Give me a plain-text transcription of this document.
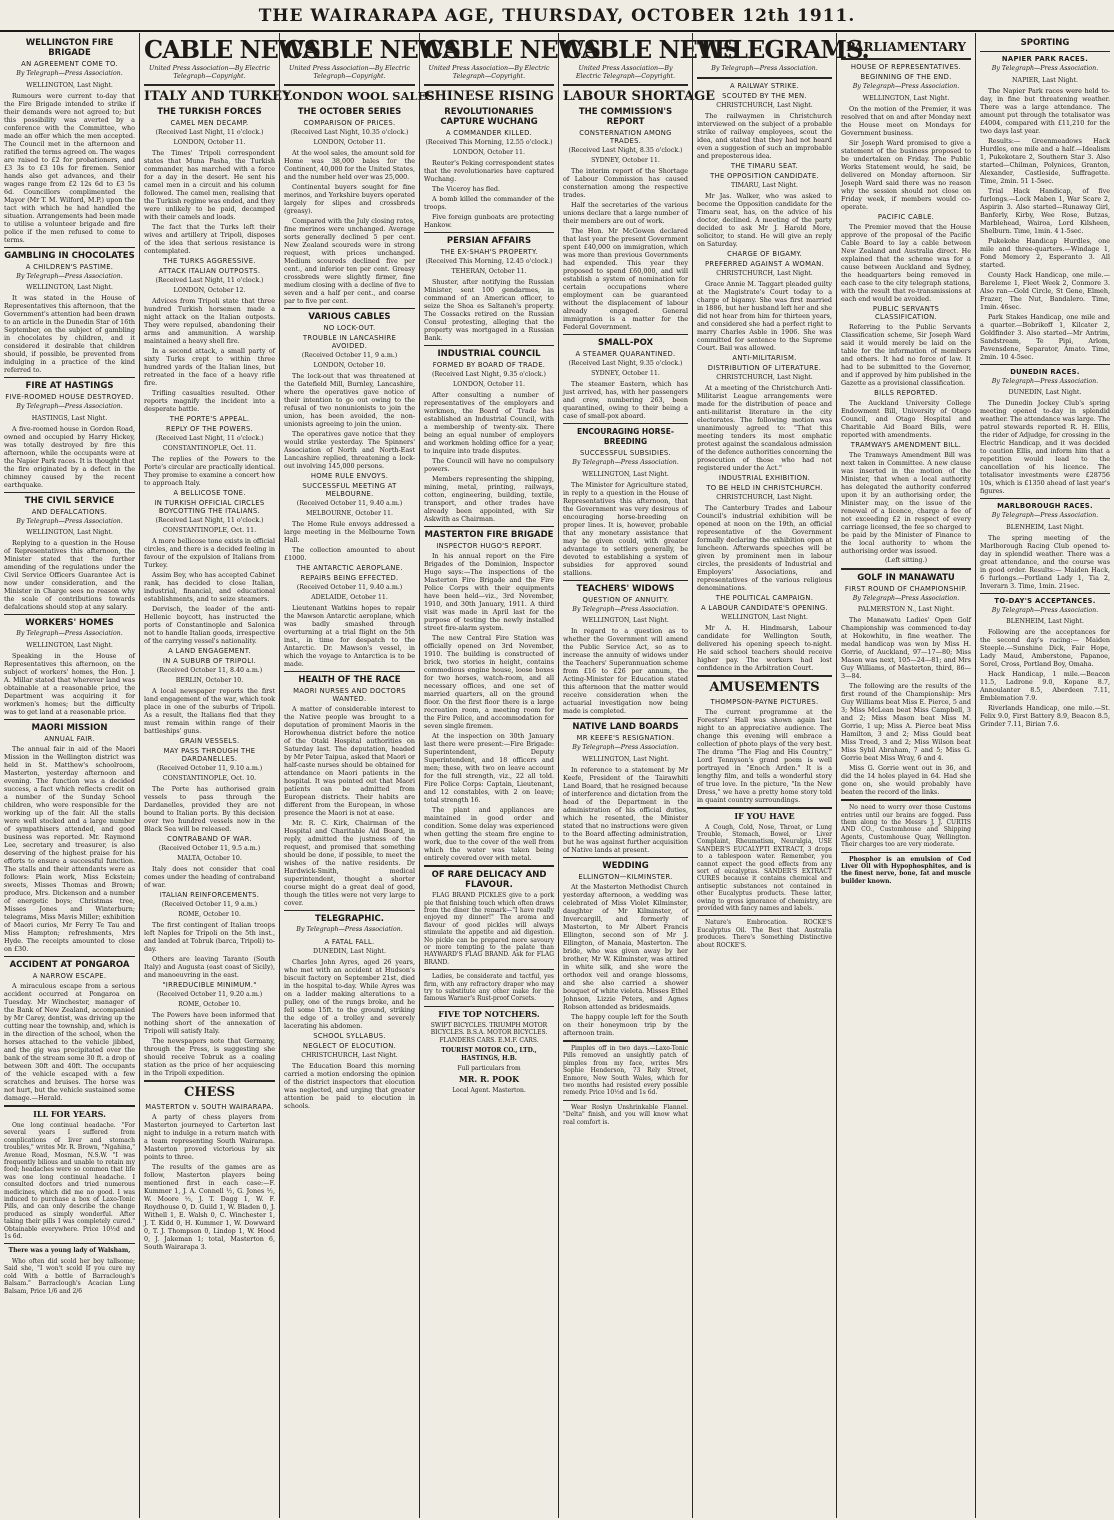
THE WAIRARAPA AGE, THURSDAY, OCTOBER 12th 1911.
WELLINGTON FIRE BRIGADE
AN AGREEMENT COME TO.
By Telegraph—Press Association.
WELLINGTON, Last Night.

Rumours were current to-day that the Fire Brigade intended to strike if their demands were not agreed to; but this possibility was averted by a conference with the Committee, who made an offer which the men accepted. The Council met in the afternoon and ratified the terms agreed on. The wages are raised to £2 for probationers, and £3 3s to £3 10s for firemen. Senior hands also get advances, and their wages range from £2 12s 6d to £3 5s 6d. Councillors complimented the Mayor (Mr T. M. Wilford, M.P.) upon the tact with which he had handled the situation. Arrangements had been made to utilise a volunteer brigade and fire police if the men refused to come to terms.

GAMBLING IN CHOCOLATES
A CHILDREN'S PASTIME.
By Telegraph—Press Association.
WELLINGTON, Last Night.

It was stated in the House of Representatives this afternoon, that the Government's attention had been drawn to an article in the Dunedin Star of 16th September, on the subject of gambling in chocolates by children, and it considered it desirable that children should, if possible, be prevented from indulging in a practice of the kind referred to.

FIRE AT HASTINGS
FIVE-ROOMED HOUSE DESTROYED.
By Telegraph—Press Association.
HASTINGS, Last Night.

A five-roomed house in Gordon Road, owned and occupied by Harry Hickey, was totally destroyed by fire this afternoon, while the occupants were at the Napier Park races. It is thought that the fire originated by a defect in the chimney caused by the recent earthquake.

THE CIVIL SERVICE
AND DEFALCATIONS.
By Telegraph—Press Association.
WELLINGTON, Last Night.

Replying to a question in the House of Representatives this afternoon, the Minister stated that the further amending of the regulations under the Civil Service Officers Guarantee Act is now under consideration, and the Minister in Charge sees no reason why the scale of contributions towards defalcations should stop at any salary.

WORKERS' HOMES
By Telegraph—Press Association.
WELLINGTON, Last Night.

Speaking in the House of Representatives this afternoon, on the subject of workers' homes, the Hon. J. A. Millar stated that wherever land was obtainable at a reasonable price, the Department was acquiring it for workmen's homes; but the difficulty was to get land at a reasonable price.

MAORI MISSION
ANNUAL FAIR.

The annual fair in aid of the Maori Mission in the Wellington district was held in St. Matthew's schoolroom, Masterton, yesterday afternoon and evening. The function was a decided success, a fact which reflects credit on a number of the Sunday School children, who were responsible for the working up of the fair. All the stalls were well stocked and a large number of sympathisers attended, and good business was reported. Mr. Raymond Lee, secretary and treasurer, is also deserving of the highest praise for his efforts to ensure a successful function. The stalls and their attendants were as follows: Plain work, Miss Eckstein; sweets, Misses Thomas and Brown; produce, Mrs. Dickenson and a number of energetic boys; Christmas tree, Misses Jones and Winterburn; telegrams, Miss Mavis Miller; exhibition of Maori curios, Mr Ferry Te Tau and Miss Hampton; refreshments, Mrs Hyde. The receipts amounted to close on £30.

ACCIDENT AT PONGAROA
A NARROW ESCAPE.

A miraculous escape from a serious accident occurred at Pongaroa on Tuesday. Mr Winchester, manager of the Bank of New Zealand, accompanied by Mr Carey, dentist, was driving up the cutting near the township, and, which is in the direction of the school, when the horses attached to the vehicle jibbed, and the gig was precipitated over the bank of the stream some 30 ft. a drop of between 30ft and 40ft. The occupants of the vehicle escaped with a few scratches and bruises. The horse was not hurt, but the vehicle sustained some damage.—Herald.

ILL FOR YEARS.

One long continual headache. "For several years I suffered from complications of liver and stomach troubles," writes Mr. R. Brown, "Ngahina," Avenue Road, Mosman, N.S.W. "I was frequently bilious and unable to retain my food; headaches were so common that life was one long continual headache. I consulted doctors and tried numerous medicines, which did me no good. I was induced to purchase a box of Laxo-Tonic Pills, and can only describe the change produced as simply wonderful. After taking their pills I was completely cured." Obtainable everywhere. Price 10½d and 1s 6d.

There was a young lady of Walsham,

Who often did scold her boy tallsome; Said she, "I won't scold If you cure my cold With a bottle of Barraclough's Balsam." Barraclough's Acacian Lung Balsam, Price 1/6 and 2/6

CABLE NEWS
United Press Association—By Electric Telegraph—Copyright.
ITALY AND TURKEY
THE TURKISH FORCES
CAMEL MEN DECAMP.
(Received Last Night, 11 o'clock.)
LONDON, October 11.

The Times' Tripoli correspondent states that Muna Pasha, the Turkish commander, has marched with a force for a day in the desert. He sent his camel men in a circuit and his column followed. The camel men, realising that the Turkish regime was ended, and they were unlikely to be paid, decamped with their camels and loads.

The fact that the Turks left their wives and artillery at Tripoli, disposes of the idea that serious resistance is contemplated.

THE TURKS AGGRESSIVE.
ATTACK ITALIAN OUTPOSTS.
(Received Last Night, 11 o'clock.)
LONDON, October 12.

Advices from Tripoli state that three hundred Turkish horsemen made a night attack on the Italian outposts. They were repulsed, abandoning their arms and ammunition. A warship maintained a heavy shell fire.

In a second attack, a small party of sixty Turks crept to within three hundred yards of the Italian lines, but retreated in the face of a heavy rifle fire.

Trifling casualties resulted. Other reports magnify the incident into a desperate battle.

THE PORTE'S APPEAL.
REPLY OF THE POWERS.
(Received Last Night, 11 o'clock.)
CONSTANTINOPLE, Oct. 11.

The replies of the Powers to the Porte's circular are practically identical. They promise to examine a concert how to approach Italy.

A BELLICOSE TONE.
IN TURKISH OFFICIAL CIRCLES BOYCOTTING THE ITALIANS.
(Received Last Night, 11 o'clock.)
CONSTANTINOPLE, Oct. 11.

A more bellicose tone exists in official circles, and there is a decided feeling in favour of the expulsion of Italians from Turkey.

Assim Bey, who has accepted Cabinet rank, has decided to close Italian, industrial, financial, and educational establishments, and to seize steamers.

Dervisch, the leader of the anti-Hellenic boycott, has instructed the ports of Constantinople and Salonica not to handle Italian goods, irrespective of the carrying vessel's nationality.

A LAND ENGAGEMENT.
IN A SUBURB OF TRIPOLI.
(Received October 11, 8.40 a.m.)
BERLIN, October 10.

A local newspaper reports the first land engagement of the war, which took place in one of the suburbs of Tripoli. As a result, the Italians fled that they must remain within range of their battleships' guns.

GRAIN VESSELS.
MAY PASS THROUGH THE DARDANELLES.
(Received October 11, 9.10 a.m.)
CONSTANTINOPLE, Oct. 10.

The Porte has authorised grain vessels to pass through the Dardanelles, provided they are not bound to Italian ports. By this decision over two hundred vessels now in the Black Sea will be released.

CONTRABAND OF WAR.
(Received October 11, 9.5 a.m.)
MALTA, October 10.

Italy does not consider that coal comes under the heading of contraband of war.

ITALIAN REINFORCEMENTS.
(Received October 11, 9 a.m.)
ROME, October 10.

The first contingent of Italian troops left Naples for Tripoli on the 5th inst., and landed at Tobruk (barca, Tripoli) to-day.

Others are leaving Taranto (South Italy) and Augusta (east coast of Sicily), and manoeuvring in the east.

"IRREDUCIBLE MINIMUM."
(Received October 11, 9.20 a.m.)
ROME, October 10.

The Powers have been informed that nothing short of the annexation of Tripoli will satisfy Italy.

The newspapers note that Germany, through the Press, is suggesting she should receive Tobruk as a coaling station as the price of her acquiescing in the Tripoli expedition.

CHESS
MASTERTON v. SOUTH WAIRARAPA.

A party of chess players from Masterton journeyed to Carterton last night to indulge in a return match with a team representing South Wairarapa. Masterton proved victorious by six points to three.

The results of the games are as follow, Masterton players being mentioned first in each case:—F. Kummer 1, J. A. Connell ½, G. Jones ½, W. Moore ½, J. T. Dagg 1, W. F. Roydhouse 0, D. Guild 1, W. Bladen 0, J. Withell 1, E. Walsh 0, C. Winchester 1, J. T. Kidd 0, H. Kummer 1, W. Dowward 0, T. J. Thompson 0, Lindop 1, W. Hood 0, J. Jakeman 1; total, Masterton 6, South Wairarapa 3.

CABLE NEWS
United Press Association—By Electric Telegraph—Copyright.
LONDON WOOL SALES
THE OCTOBER SERIES
COMPARISON OF PRICES.
(Received Last Night, 10.35 o'clock.)
LONDON, October 11.

At the wool sales, the amount sold for Home was 38,000 bales for the Continent, 40,000 for the United States, and the number held over was 25,000.

Continental buyers sought for fine merinos, and Yorkshire buyers operated largely for slipes and crossbreds (greasy).

Compared with the July closing rates, fine merinos were unchanged. Average sorts generally declined 5 per cent. New Zealand scoureds were in strong request, with prices unchanged. Medium scoureds declined five per cent., and inferior ten per cent. Greasy crossbreds were slightly firmer, fine medium closing with a decline of five to seven and a half per cent., and coarse par to five per cent.

VARIOUS CABLES
NO LOCK-OUT.
TROUBLE IN LANCASHIRE AVOIDED.
(Received October 11, 9 a.m.)
LONDON, October 10.

The lock-out that was threatened at the Gatefield Mill, Burnley, Lancashire, where the operatives gave notice of their intention to go out owing to the refusal of two nonunionists to join the union, has been avoided, the non-unionists agreeing to join the union.

The operatives gave notice that they would strike yesterday. The Spinners' Association of North and North-East Lancashire replied, threatening a lock-out involving 145,000 persons.

HOME RULE ENVOYS.
SUCCESSFUL MEETING AT MELBOURNE.
(Received October 11, 9.40 a.m.)
MELBOURNE, October 11.

The Home Rule envoys addressed a large meeting in the Melbourne Town Hall.

The collection amounted to about £1000.

THE ANTARCTIC AEROPLANE.
REPAIRS BEING EFFECTED.
(Received October 11, 9.40 a.m.)
ADELAIDE, October 11.

Lieutenant Watkins hopes to repair the Mawson Antarctic aeroplane, which was badly smashed through overturning at a trial flight on the 5th inst., in time for despatch to the Antarctic. Dr. Mawson's vessel, in which the voyage to Antarctica is to be made.

HEALTH OF THE RACE
MAORI NURSES AND DOCTORS WANTED.

A matter of considerable interest to the Native people was brought to a deputation of prominent Maoris in the Horowhenua district before the notice of the Otaki Hospital authorities on Saturday last. The deputation, headed by Mr Peter Taipua, asked that Maori or half-caste nurses should be obtained for attendance on Maori patients in the hospital. It was pointed out that Maori patients can be admitted from European districts. Their habits are different from the European, in whose presence the Maori is not at ease.

Mr. R. C. Kirk, Chairman of the Hospital and Charitable Aid Board, in reply, admitted the justness of the request, and promised that something should be done, if possible, to meet the wishes of the native residents. Dr Hardwick-Smith, medical superintendent, thought a shorter course might do a great deal of good, though the titles were not very large to cover.

TELEGRAPHIC.
By Telegraph—Press Association.
A FATAL FALL.
DUNEDIN, Last Night.

Charles John Ayres, aged 26 years, who met with an accident at Hudson's biscuit factory on September 21st, died in the hospital to-day. While Ayres was on a ladder making alterations to a pulley, one of the rungs broke, and he fell some 15ft. to the ground, striking the edge of a trolley and severely lacerating his abdomen.

SCHOOL SYLLABUS.
NEGLECT OF ELOCUTION.
CHRISTCHURCH, Last Night.

The Education Board this morning carried a motion endorsing the opinion of the district inspectors that elocution was neglected, and urging that greater attention be paid to elocution in schools.

CABLE NEWS
United Press Association—By Electric Telegraph—Copyright.
CHINESE RISING
REVOLUTIONARIES CAPTURE WUCHANG
A COMMANDER KILLED.
(Received This Morning, 12.55 o'clock.)
LONDON, October 11.

Reuter's Peking correspondent states that the revolutionaries have captured Wuchang.

The Viceroy has fled.

A bomb killed the commander of the troops.

Five foreign gunboats are protecting Hankow.

PERSIAN AFFAIRS
THE EX-SHAH'S PROPERTY.
(Received This Morning, 12.45 o'clock.)
TEHERAN, October 11.

Shuster, after notifying the Russian Minister, sent 100 gendarmes, in command of an American officer, to seize the Shoa es Saltaneh's property. The Cossacks retired on the Russian Consul protesting, alleging that the property was mortgaged in a Russian Bank.

INDUSTRIAL COUNCIL
FORMED BY BOARD OF TRADE.
(Received Last Night, 9.35 o'clock.)
LONDON, October 11.

After consulting a number of representatives of the employers and workmen, the Board of Trade has established an Industrial Council, with a membership of twenty-six. There being an equal number of employers and workmen holding office for a year, to inquire into trade disputes.

The Council will have no compulsory powers.

Members representing the shipping, mining, metal, printing, railways, cotton, engineering, building, textile, transport, and other trades have already been appointed, with Sir Askwith as Chairman.

MASTERTON FIRE BRIGADE
INSPECTOR HUGO'S REPORT.

In his annual report on the Fire Brigades of the Dominion, Inspector Hugo says:—The inspections of the Masterton Fire Brigade and the Fire Police Corps with their equipments have been held—viz., 3rd November, 1910, and 30th January, 1911. A third visit was made in April last for the purpose of testing the newly installed street fire-alarm system.

The new Central Fire Station was officially opened on 3rd November, 1910. The building is constructed of brick, two stories in height, contains commodious engine house, loose boxes for two horses, watch-room, and all necessary offices, and one set of married quarters, all on the ground floor. On the first floor there is a large recreation room, a meeting room for the Fire Police, and accommodation for seven single firemen.

At the inspection on 30th January last there were present:—Fire Brigade: Superintendent, Deputy Superintendent, and 18 officers and men; these, with two on leave account for the full strength, viz., 22 all told. Fire Police Corps: Captain, Lieutenant, and 12 constables, with 2 on leave; total strength 16.

The plant and appliances are maintained in good order and condition. Some delay was experienced when getting the steam fire engine to work, due to the cover of the well from which the water was taken being entirely covered over with metal.

OF RARE DELICACY AND FLAVOUR.

FLAG BRAND PICKLES give to a pork pie that finishing touch which often draws from the diner the remark—"I have really enjoyed my dinner!" The aroma and flavour of good pickles will always stimulate the appetite and aid digestion. No pickle can be prepared more savoury or more tempting to the palate than HAYWARD'S FLAG BRAND. Ask for FLAG BRAND.

Ladies, be considerate and tactful, yes firm, with any refractory draper who may try to substitute any other make for the famous Warner's Rust-proof Corsets.

FIVE TOP NOTCHERS.

SWIFT BICYCLES. TRIUMPH MOTOR BICYCLES. B.S.A. MOTOR BICYCLES. FLANDERS CARS. E.M.F. CARS.

TOURIST MOTOR CO., LTD., HASTINGS, H.B.
Full particulars from
MR. R. POOK
Local Agent. Masterton.
CABLE NEWS
United Press Association—By Electric Telegraph—Copyright.
LABOUR SHORTAGE
THE COMMISSION'S REPORT
CONSTERNATION AMONG TRADES.
(Received Last Night, 8.35 o'clock.)
SYDNEY, October 11.

The interim report of the Shortage of Labour Commission has caused consternation among the respective trades.

Half the secretaries of the various unions declare that a large number of their members are out of work.

The Hon. Mr McGowen declared that last year the present Government spent £40,000 on immigration, which was more than previous Governments had expended. This year they proposed to spend £60,000, and will establish a system of nomination for certain occupations where employment can be guaranteed without the displacement of labour already engaged. General immigration is a matter for the Federal Government.

SMALL-POX
A STEAMER QUARANTINED.
(Received Last Night, 9.35 o'clock.)
SYDNEY, October 11.

The steamer Eastern, which has just arrived, has, with her passengers and crew, numbering 263, been quarantined, owing to their being a case of small-pox aboard.

ENCOURAGING HORSE-BREEDING
SUCCESSFUL SUBSIDIES.
By Telegraph—Press Association.
WELLINGTON, Last Night.

The Minister for Agriculture stated, in reply to a question in the House of Representatives this afternoon, that the Government was very desirous of encouraging horse-breeding on proper lines. It is, however, probable that any monetary assistance that may be given could, with greater advantage to settlers generally, be devoted to establishing a system of subsidies for approved sound stallions.

TEACHERS' WIDOWS
QUESTION OF ANNUITY.
By Telegraph—Press Association.
WELLINGTON, Last Night.

In regard to a question as to whether the Government will amend the Public Service Act, so as to increase the annuity of widows under the Teachers' Superannuation scheme from £16 to £26 per annum, the Acting-Minister for Education stated this afternoon that the matter would receive consideration when the actuarial investigation now being made is completed.

NATIVE LAND BOARDS
MR KEEFE'S RESIGNATION.
By Telegraph—Press Association.
WELLINGTON, Last Night.

In reference to a statement by Mr Keefe, President of the Tairawhiti Land Board, that he resigned because of interference and dictation from the head of the Department in the administration of his official duties, which he resented, the Minister stated that no instructions were given to the Board affecting administration, but he was against further acquisition of Native lands at present.

WEDDING
ELLINGTON—KILMINSTER.

At the Masterton Methodist Church yesterday afternoon, a wedding was celebrated of Miss Violet Kilminster, daughter of Mr Kilminster, of Invercargill, and formerly of Masterton, to Mr Albert Francis Ellington, second son of Mr J. Ellington, of Manaia, Masterton. The bride, who was given away by her brother, Mr W. Kilminster, was attired in white silk, and she wore the orthodox veil and orange blossoms, and she also carried a shower bouquet of white vieleta. Misses Ethel Johnson, Lizzie Peters, and Agnes Robson attended as bridesmaids.

The happy couple left for the South on their honeymoon trip by the afternoon train.

Pimples off in two days.—Laxo-Tonic Pills removed an unsightly patch of pimples from my face, writes Mrs Sophie Henderson, 73 Rely Street, Enmore, New South Wales, which for two months had resisted every possible remedy. Price 10½d and 1s 6d.

Wear Roslyn Unshrinkable Flannel. "Delta" finish, and you will know what real comfort is.

TELEGRAMS.
By Telegraph—Press Association.
A RAILWAY STRIKE.
SCOUTED BY THE MEN.
CHRISTCHURCH, Last Night.

The railwaymen in Christchurch interviewed on the subject of a probable strike of railway employees, scout the idea, and stated that they had not heard even a suggestion of such an improbable and preposterous idea.

THE TIMARU SEAT.
THE OPPOSITION CANDIDATE.
TIMARU, Last Night.

Mr Jas. Walker, who was asked to become the Opposition candidate for the Timaru seat, has, on the advice of his doctor, declined. A meeting of the party decided to ask Mr J. Harold More, solicitor, to stand. He will give an reply on Saturday.

CHARGE OF BIGAMY.
PREFERRED AGAINST A WOMAN.
CHRISTCHURCH, Last Night.

Grace Annie M. Taggart pleaded guilty at the Magistrate's Court today to a charge of bigamy. She was first married in 1886, but her husband left her and she did not hear from him for thirteen years, and considered she had a perfect right to marry Charles Asble in 1906. She was committed for sentence to the Supreme Court. Bail was allowed.

ANTI-MILITARISM.
DISTRIBUTION OF LITERATURE.
CHRISTCHURCH, Last Night.

At a meeting of the Christchurch Anti-Militarist League arrangements were made for the distribution of peace and anti-militarist literature in the city electorates. The following motion was unanimously agreed to: "That this meeting tenders its most emphatic protest against the scandalous admission of the defence authorities concerning the prosecution of those who had not registered under the Act."

INDUSTRIAL EXHIBITION.
TO BE HELD IN CHRISTCHURCH.
CHRISTCHURCH, Last Night.

The Canterbury Trades and Labour Council's industrial exhibition will be opened at noon on the 19th, an official representative of the Government formally declaring the exhibition open at luncheon. Afterwards speeches will be given by prominent men in labour circles, the presidents of Industrial and Employers' Associations, and representatives of the various religious denominations.

THE POLITICAL CAMPAIGN.
A LABOUR CANDIDATE'S OPENING.
WELLINGTON, Last Night.

Mr A. H. Hindmarsh, Labour candidate for Wellington South, delivered his opening speech to-night. He said school teachers should receive higher pay. The workers had lost confidence in the Arbitration Court.

AMUSEMENTS
THOMPSON-PAYNE PICTURES.

The current programme at the Foresters' Hall was shown again last night to an appreciative audience. The change this evening will embrace a collection of photo plays of the very best. The drama "The Flag and His Country," Lord Tennyson's grand poem is well portrayed in "Enoch Arden." It is a lengthy film, and tells a wonderful story of true love. In the picture, "In the New Dress," we have a pretty home story told in quaint country surroundings.

IF YOU HAVE

A Cough, Cold, Nose, Throat, or Lung Trouble, Stomach, Bowel, or Liver Complaint, Rheumatism, Neuralgia, USE SANDER'S EUCALYPTI EXTRACT, 3 drops to a tablespoon water. Remember, you cannot expect the good effects from any sort of eucalyptus. SANDER'S EXTRACT CURES because it contains chemical and antiseptic substances not contained in other Eucalyptus products. These latter, owing to gross ignorance of chemistry, are provided with fancy names and labels.

Nature's Embrocation. ROCKE'S Eucalyptus Oil. The Best that Australia produces. There's Something Distinctive about ROCKE'S.

PARLIAMENTARY
HOUSE OF REPRESENTATIVES.
BEGINNING OF THE END.
By Telegraph—Press Association.
WELLINGTON, Last Night.

On the motion of the Premier, it was resolved that on and after Monday next the House meet on Mondays for Government business.

Sir Joseph Ward promised to give a statement of the business proposed to be undertaken on Friday. The Public Works Statement would, he said, be delivered on Monday afternoon. Sir Joseph Ward said there was no reason why the session should not close on Friday week, if members would co-operate.

PACIFIC CABLE.

The Premier moved that the House approve of the proposal of the Pacific Cable Board to lay a cable between New Zealand and Australia direct. He explained that the scheme was for a cause between Auckland and Sydney, the headquarters being removed in each case to the city telegraph stations, with the result that re-transmissions at each end would be avoided.

PUBLIC SERVANTS CLASSIFICATION.

Referring to the Public Servants Classification scheme, Sir Joseph Ward said it would merely be laid on the table for the information of members and others. It had no force of law. It had to be submitted to the Governor, and if approved by him published in the Gazette as a provisional classification.

BILLS REPORTED.

The Auckland University College Endowment Bill, University of Otago Council, and Otago Hospital and Charitable Aid Board Bills, were reported with amendments.

TRAMWAYS AMENDMENT BILL.

The Tramways Amendment Bill was next taken in Committee. A new clause was inserted in the motion of the Minister, that when a local authority has delegated the authority conferred upon it by an authorising order, the Minister may, on the issue of the renewal of a licence, charge a fee of not exceeding £2 in respect of every carriage licensed, the fee so charged to be paid by the Minister of Finance to the local authority to whom the authorising order was issued.

(Left sitting.)
GOLF IN MANAWATU
FIRST ROUND OF CHAMPIONSHIP.
By Telegraph—Press Association.
PALMERSTON N., Last Night.

The Manawatu Ladies' Open Golf Championship was commenced to-day at Hokowhitu, in fine weather. The medal handicap was won by Miss H. Gorrie, of Auckland, 97—17—80; Miss Mason was next, 105—24—81; and Mrs Guy Williams, of Masterton, third, 86—3—84.

The following are the results of the first round of the Championship: Mrs Guy Williams beat Miss E. Pierce, 5 and 3; Miss McLean beat Miss Campbell, 3 and 2; Miss Mason beat Miss M. Gorrie, 1 up; Miss A. Pierce beat Miss Hamilton, 3 and 2; Miss Gould beat Miss Treed, 3 and 2; Miss Wilson beat Miss Sybil Abraham, 7 and 5; Miss G. Gorrie beat Miss Wray, 6 and 4.

Miss G. Gorrie went out in 36, and did the 14 holes played in 64. Had she gone on, she would probably have beaten the record of the links.

No need to worry over those Customs entries until our brains are fogged. Pass them along to the Messrs J. J. CURTIS AND CO., Customhouse and Shipping Agents, Customhouse Quay, Wellington. Their charges too are very moderate.

Phosphor is an emulsion of Cod Liver Oil with Hypophosphites, and is the finest nerve, bone, fat and muscle builder known.

SPORTING
NAPIER PARK RACES.
By Telegraph—Press Association.
NAPIER, Last Night.

The Napier Park races were held to-day, in fine but threatening weather. There was a large attendance. The amount put through the totalisator was £4004, compared with £11,210 for the two days last year.

Results:— Greenmeadows Hack Hurdles, one mile and a half.—Idealism 1, Pukekotare 2, Southern Star 3. Also started—Chilman, Polynices, Granton, Alexander, Castleside, Suffragette. Time, 2min. 51 1-5sec.

Trial Hack Handicap, of five furlongs.—Lock Maben 1, War Scare 2, Aspirin 3. Also started—Runaway Girl, Banferly, Kirby, Wee Rose, Butzas, Marblehead, Wairoa, Lord Kilsheen, Shelburn. Time, 1min. 4 1-5sec.

Pukekohe Handicap Hurdles, one mile and three-quarters.—Windage 1, Fond Memory 2, Esperanto 3. All started.

County Hack Handicap, one mile.—Bareleme 1, Fleet Week 2, Conmore 3. Also ran—Gold Circle, St Gene, Elmeh, Frazer, The Nut, Bandalero. Time, 1min. 46sec.

Park Stakes Handicap, one mile and a quarter.—Bobrikoff 1, Kilcater 2, Goldfinder 3. Also started—Mr Antrim, Sandstream, Te Pipi, Arlom, Pavensdene, Separator, Amato. Time, 2min. 10 4-5sec.

DUNEDIN RACES.
By Telegraph—Press Association.
DUNEDIN, Last Night.

The Dunedin Jockey Club's spring meeting opened to-day in splendid weather. The attendance was large. The patrol stewards reported R. H. Ellis, the rider of Adjudge, for crossing in the Electric Handicap, and it was decided to caution Ellis, and inform him that a repetition would lead to the cancellation of his licence. The totalisator investments were £28756 10s, which is £1350 ahead of last year's figures.

MARLBOROUGH RACES.
By Telegraph—Press Association.
BLENHEIM, Last Night.

The spring meeting of the Marlborough Racing Club opened to-day in splendid weather. There was a great attendance, and the course was in good order. Results:— Maiden Hack, 6 furlongs.—Portland Lady 1, Tia 2, Inverarn 3. Time, 1min. 21sec.

TO-DAY'S ACCEPTANCES.
By Telegraph—Press Association.
BLENHEIM, Last Night.

Following are the acceptances for the second day's racing:— Maiden Steeple.—Sunshine Dick, Fair Hope, Lady Maud, Amberstone, Papanoe, Sorel, Cross, Portland Boy, Omaha.

Hack Handicap, 1 mile.—Beacon 11.5, Ladrone 9.0, Kopane 8.7, Annoulanter 8.5, Aberdeen 7.11, Emblemation 7.9.

Riverlands Handicap, one mile.—St. Felix 9.0, First Battery 8.9, Beacon 8.5, Grinder 7.11, Birian 7.6.
